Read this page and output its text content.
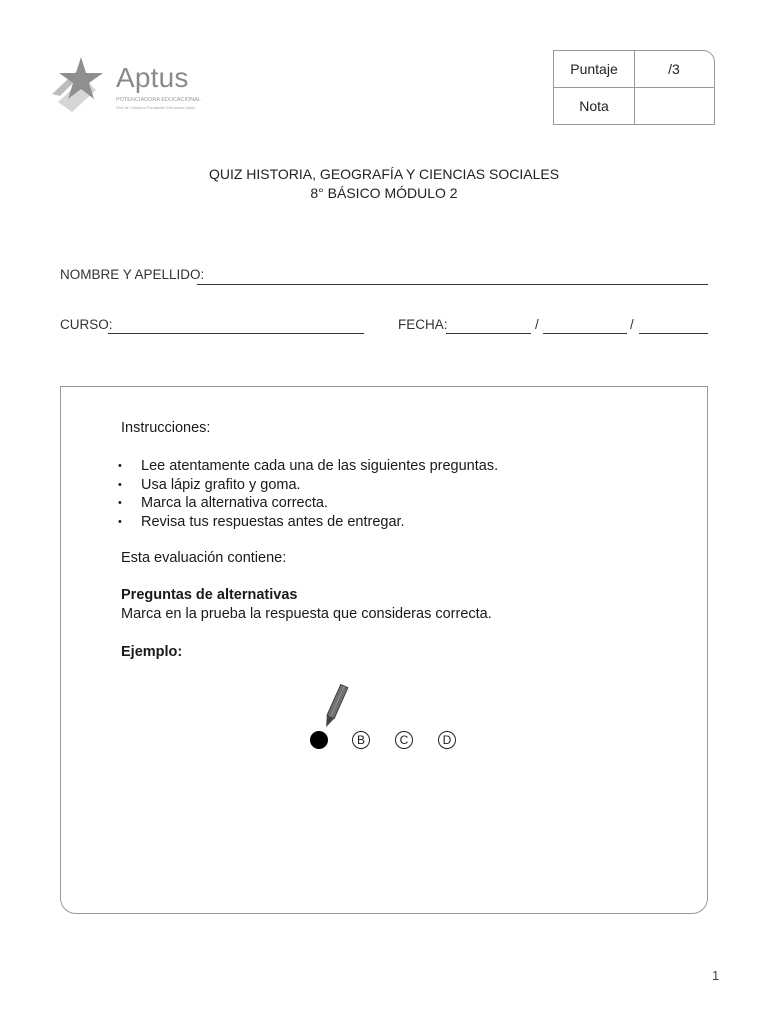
Aptus
POTENCIADORA EDUCACIONAL
Red de Colegios Fundación Patronato Oasis
Puntaje	/3
Nota
QUIZ HISTORIA, GEOGRAFÍA Y CIENCIAS SOCIALES
8° BÁSICO MÓDULO 2
NOMBRE Y APELLIDO:
CURSO:	FECHA:	/	/
Instrucciones:
• Lee atentamente cada una de las siguientes preguntas.
• Usa lápiz grafito y goma.
• Marca la alternativa correcta.
• Revisa tus respuestas antes de entregar.
Esta evaluación contiene:
Preguntas de alternativas
Marca en la prueba la respuesta que consideras correcta.
Ejemplo:
B	C	D
1
